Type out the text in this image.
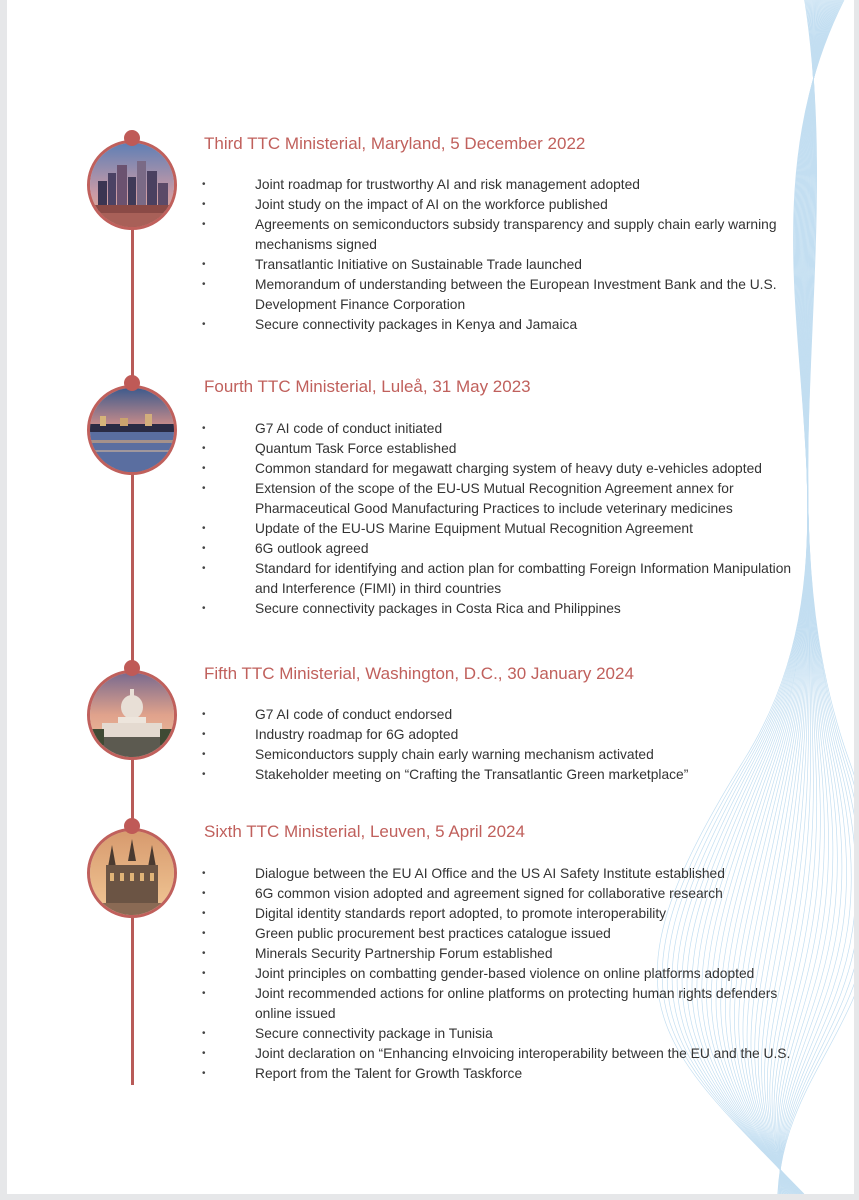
Third TTC Ministerial, Maryland, 5 December 2022
• Joint roadmap for trustworthy AI and risk management adopted
• Joint study on the impact of AI on the workforce published
• Agreements on semiconductors subsidy transparency and supply chain early warning mechanisms signed
• Transatlantic Initiative on Sustainable Trade launched
• Memorandum of understanding between the European Investment Bank and the U.S. Development Finance Corporation
• Secure connectivity packages in Kenya and Jamaica
Fourth TTC Ministerial, Luleå, 31 May 2023
• G7 AI code of conduct initiated
• Quantum Task Force established
• Common standard for megawatt charging system of heavy duty e-vehicles adopted
• Extension of the scope of the EU-US Mutual Recognition Agreement annex for Pharmaceutical Good Manufacturing Practices to include veterinary medicines
• Update of the EU-US Marine Equipment Mutual Recognition Agreement
• 6G outlook agreed
• Standard for identifying and action plan for combatting Foreign Information Manipulation and Interference (FIMI) in third countries
• Secure connectivity packages in Costa Rica and Philippines
Fifth TTC Ministerial, Washington, D.C., 30 January 2024
• G7 AI code of conduct endorsed
• Industry roadmap for 6G adopted
• Semiconductors supply chain early warning mechanism activated
• Stakeholder meeting on “Crafting the Transatlantic Green marketplace”
Sixth TTC Ministerial, Leuven, 5 April 2024
• Dialogue between the EU AI Office and the US AI Safety Institute established
• 6G common vision adopted and agreement signed for collaborative research
• Digital identity standards report adopted, to promote interoperability
• Green public procurement best practices catalogue issued
• Minerals Security Partnership Forum established
• Joint principles on combatting gender-based violence on online platforms adopted
• Joint recommended actions for online platforms on protecting human rights defenders online issued
• Secure connectivity package in Tunisia
• Joint declaration on “Enhancing eInvoicing interoperability between the EU and the U.S.
• Report from the Talent for Growth Taskforce
